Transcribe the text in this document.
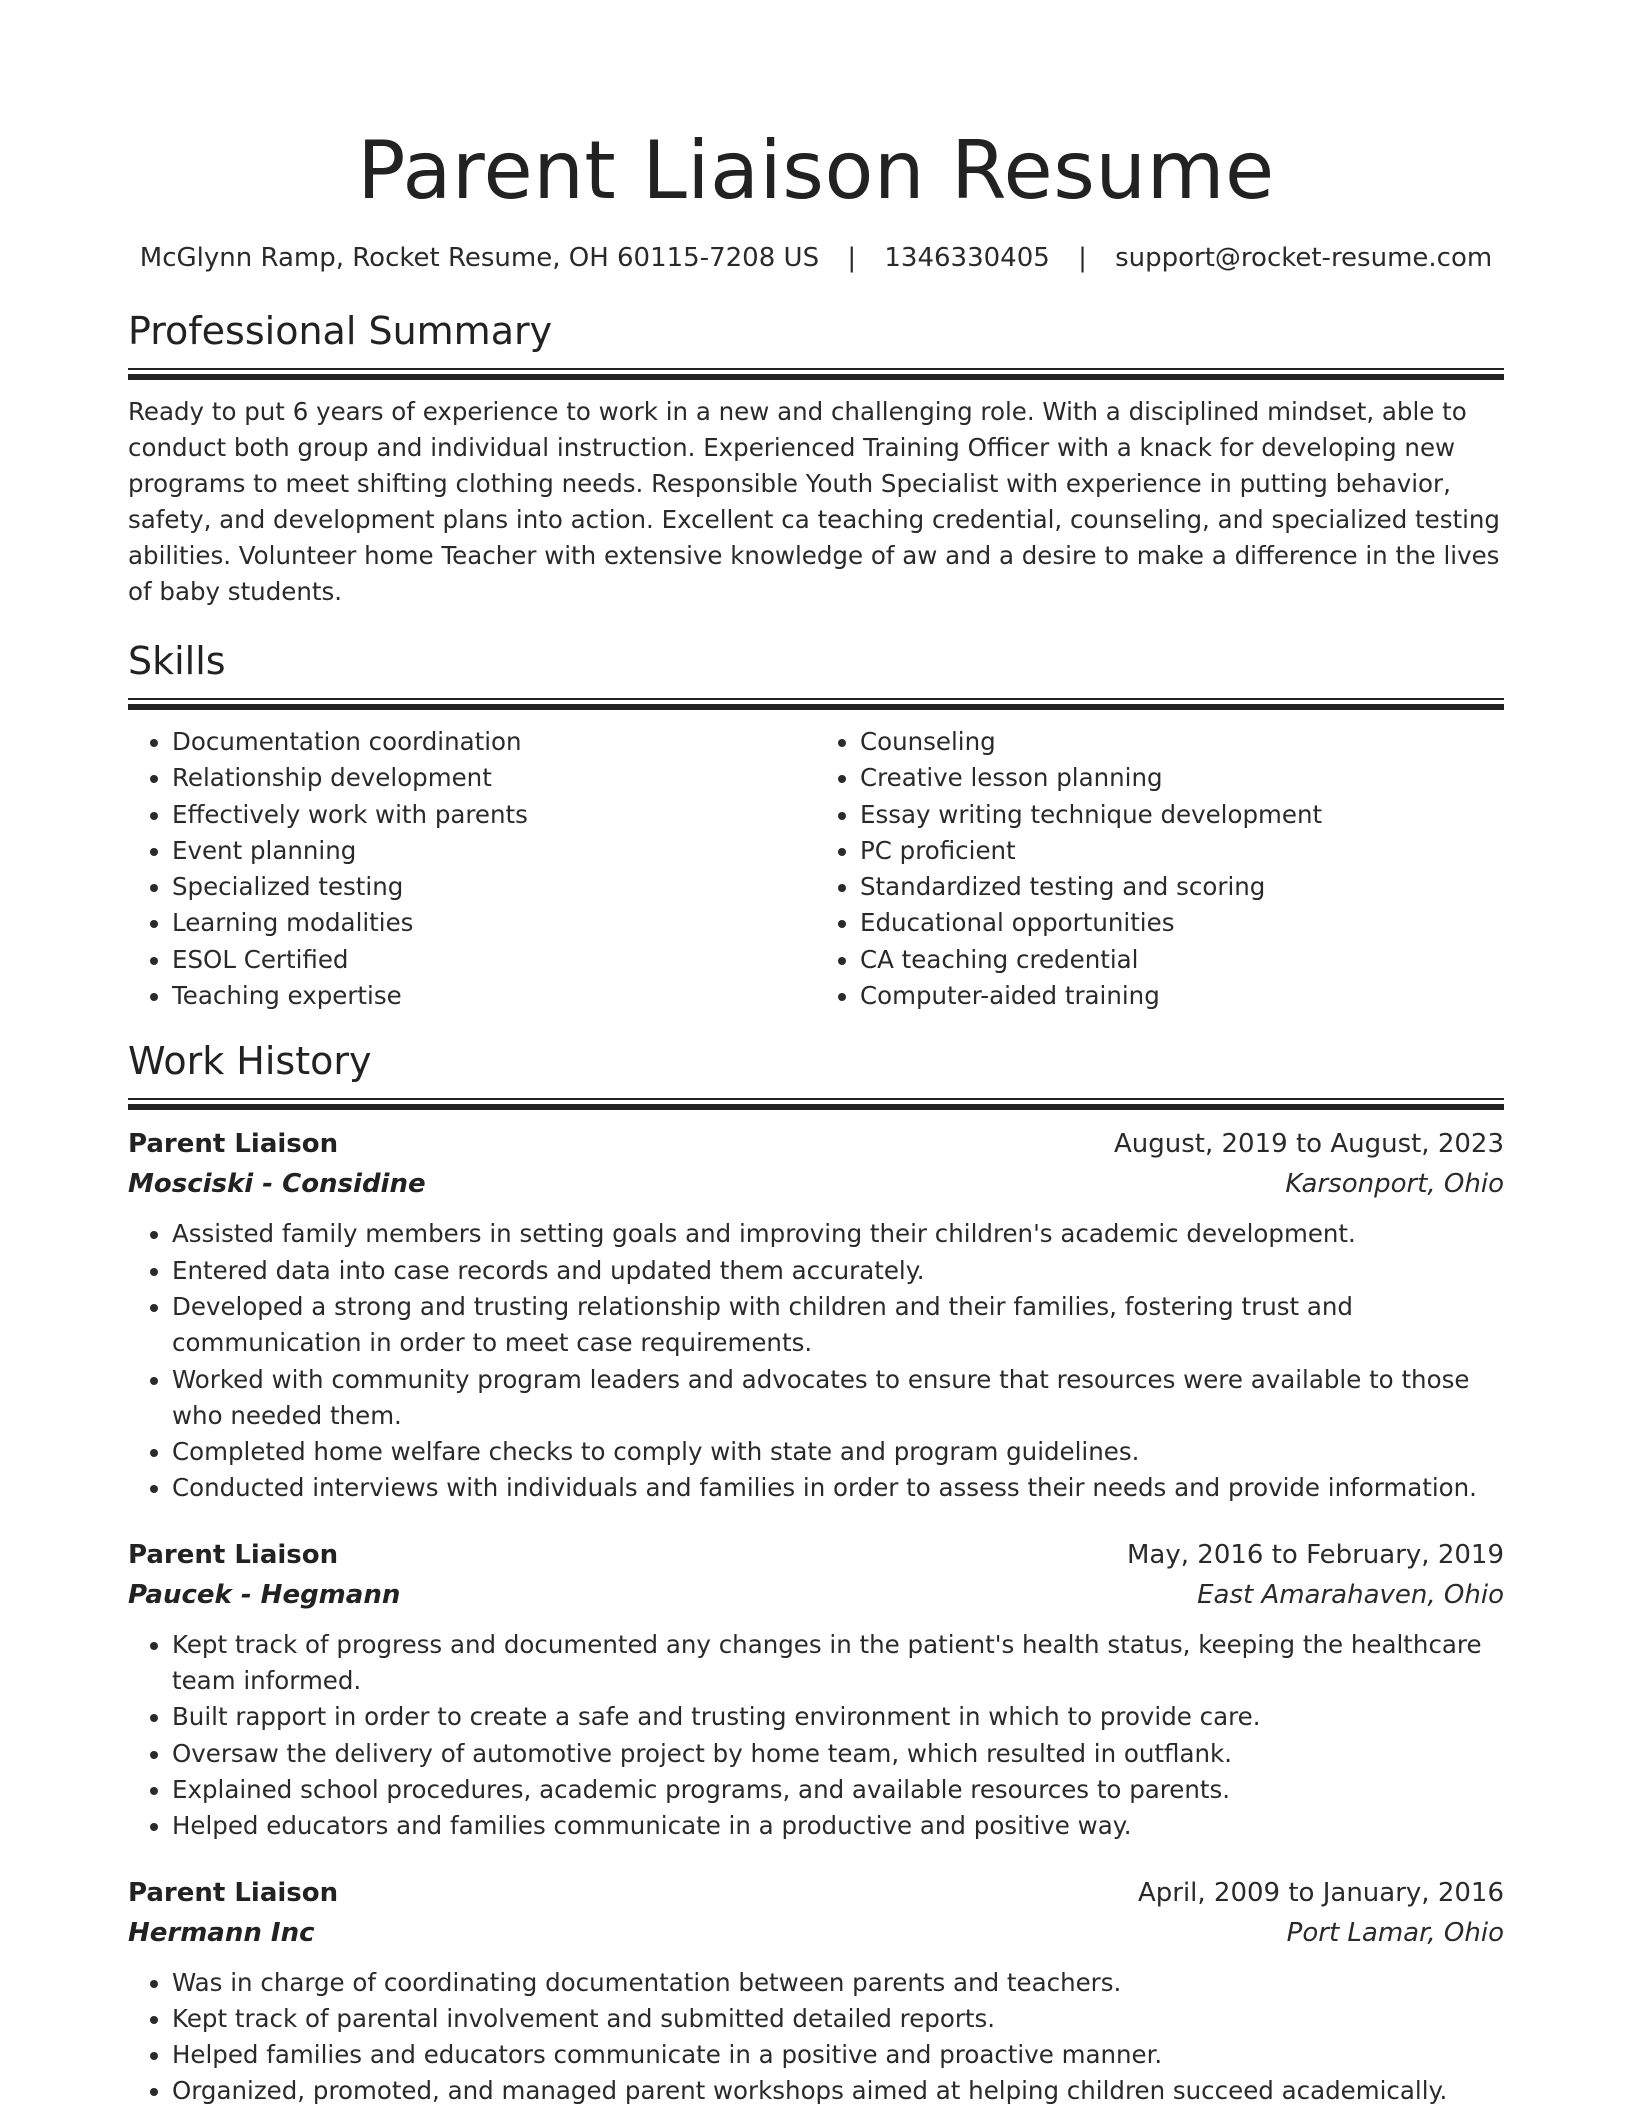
Parent Liaison Resume
McGlynn Ramp, Rocket Resume, OH 60115-7208 US | 1346330405 | support@rocket-resume.com
Professional Summary

Ready to put 6 years of experience to work in a new and challenging role. With a disciplined mindset, able to conduct both group and individual instruction. Experienced Training Officer with a knack for developing new programs to meet shifting clothing needs. Responsible Youth Specialist with experience in putting behavior, safety, and development plans into action. Excellent ca teaching credential, counseling, and specialized testing abilities. Volunteer home Teacher with extensive knowledge of aw and a desire to make a difference in the lives of baby students.

Skills
• Documentation coordination
• Relationship development
• Effectively work with parents
• Event planning
• Specialized testing
• Learning modalities
• ESOL Certified
• Teaching expertise
• Counseling
• Creative lesson planning
• Essay writing technique development
• PC proficient
• Standardized testing and scoring
• Educational opportunities
• CA teaching credential
• Computer-aided training
Work History
Parent Liaison	August, 2019 to August, 2023
Mosciski - Considine	Karsonport, Ohio
• Assisted family members in setting goals and improving their children's academic development.
• Entered data into case records and updated them accurately.
• Developed a strong and trusting relationship with children and their families, fostering trust and communication in order to meet case requirements.
• Worked with community program leaders and advocates to ensure that resources were available to those who needed them.
• Completed home welfare checks to comply with state and program guidelines.
• Conducted interviews with individuals and families in order to assess their needs and provide information.
Parent Liaison	May, 2016 to February, 2019
Paucek - Hegmann	East Amarahaven, Ohio
• Kept track of progress and documented any changes in the patient's health status, keeping the healthcare team informed.
• Built rapport in order to create a safe and trusting environment in which to provide care.
• Oversaw the delivery of automotive project by home team, which resulted in outflank.
• Explained school procedures, academic programs, and available resources to parents.
• Helped educators and families communicate in a productive and positive way.
Parent Liaison	April, 2009 to January, 2016
Hermann Inc	Port Lamar, Ohio
• Was in charge of coordinating documentation between parents and teachers.
• Kept track of parental involvement and submitted detailed reports.
• Helped families and educators communicate in a positive and proactive manner.
• Organized, promoted, and managed parent workshops aimed at helping children succeed academically.
